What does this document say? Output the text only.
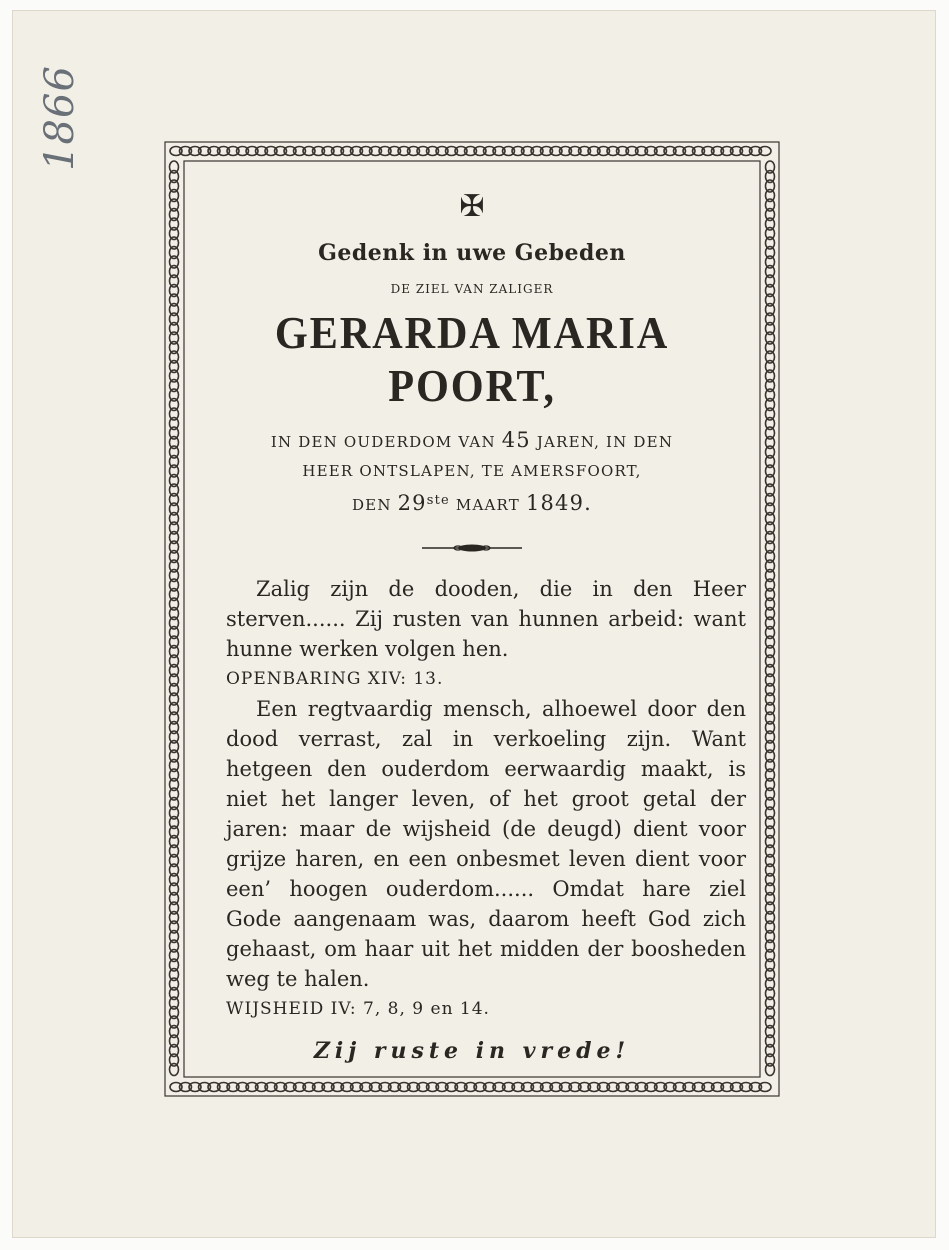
1866
✠
Gedenk in uwe Gebeden
DE ZIEL VAN ZALIGER
GERARDA MARIA POORT,
IN DEN OUDERDOM VAN 45 JAREN, IN DEN
HEER ONTSLAPEN, TE AMERSFOORT,
DEN 29ste MAART 1849.

Zalig zijn de dooden, die in den Heer sterven...... Zij rusten van hunnen arbeid: want hunne werken volgen hen.

OPENBARING XIV: 13.

Een regtvaardig mensch, alhoewel door den dood verrast, zal in verkoeling zijn. Want hetgeen den ouderdom eerwaardig maakt, is niet het langer leven, of het groot getal der jaren: maar de wijsheid (de deugd) dient voor grijze haren, en een onbesmet leven dient voor een’ hoogen ouderdom...... Omdat hare ziel Gode aangenaam was, daarom heeft God zich gehaast, om haar uit het midden der boosheden weg te halen.

WIJSHEID IV: 7, 8, 9 en 14.
Zij ruste in vrede!
